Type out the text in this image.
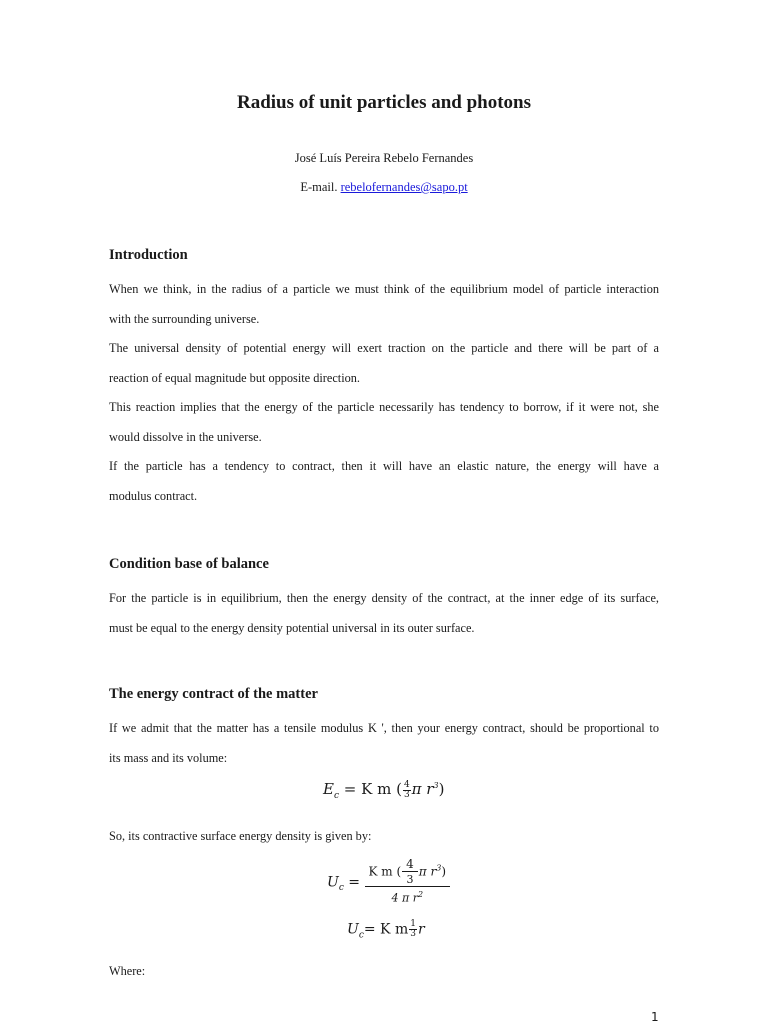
Radius of unit particles and photons
José Luís Pereira Rebelo Fernandes
E-mail. rebelofernandes@sapo.pt
Introduction
When we think, in the radius of a particle we must think of the equilibrium model of particle interaction
with the surrounding universe.
The universal density of potential energy will exert traction on the particle and there will be part of a
reaction of equal magnitude but opposite direction.
This reaction implies that the energy of the particle necessarily has tendency to borrow, if it were not, she
would dissolve in the universe.
If the particle has a tendency to contract, then it will have an elastic nature, the energy will have a
modulus contract.
Condition base of balance
For the particle is in equilibrium, then the energy density of the contract, at the inner edge of its surface,
must be equal to the energy density potential universal in its outer surface.
The energy contract of the matter
If we admit that the matter has a tensile modulus K ', then your energy contract, should be proportional to
its mass and its volume:
$E_c = K$ m ( $\frac{4}{3}$ π $r^3$)
So, its contractive surface energy density is given by:
$U_c = \frac{K m ( \frac{4}{3} \pi r^3)}{4 \pi r^2}$
$U_c= K$ m $\frac{1}{3}$ r
Where:
1
